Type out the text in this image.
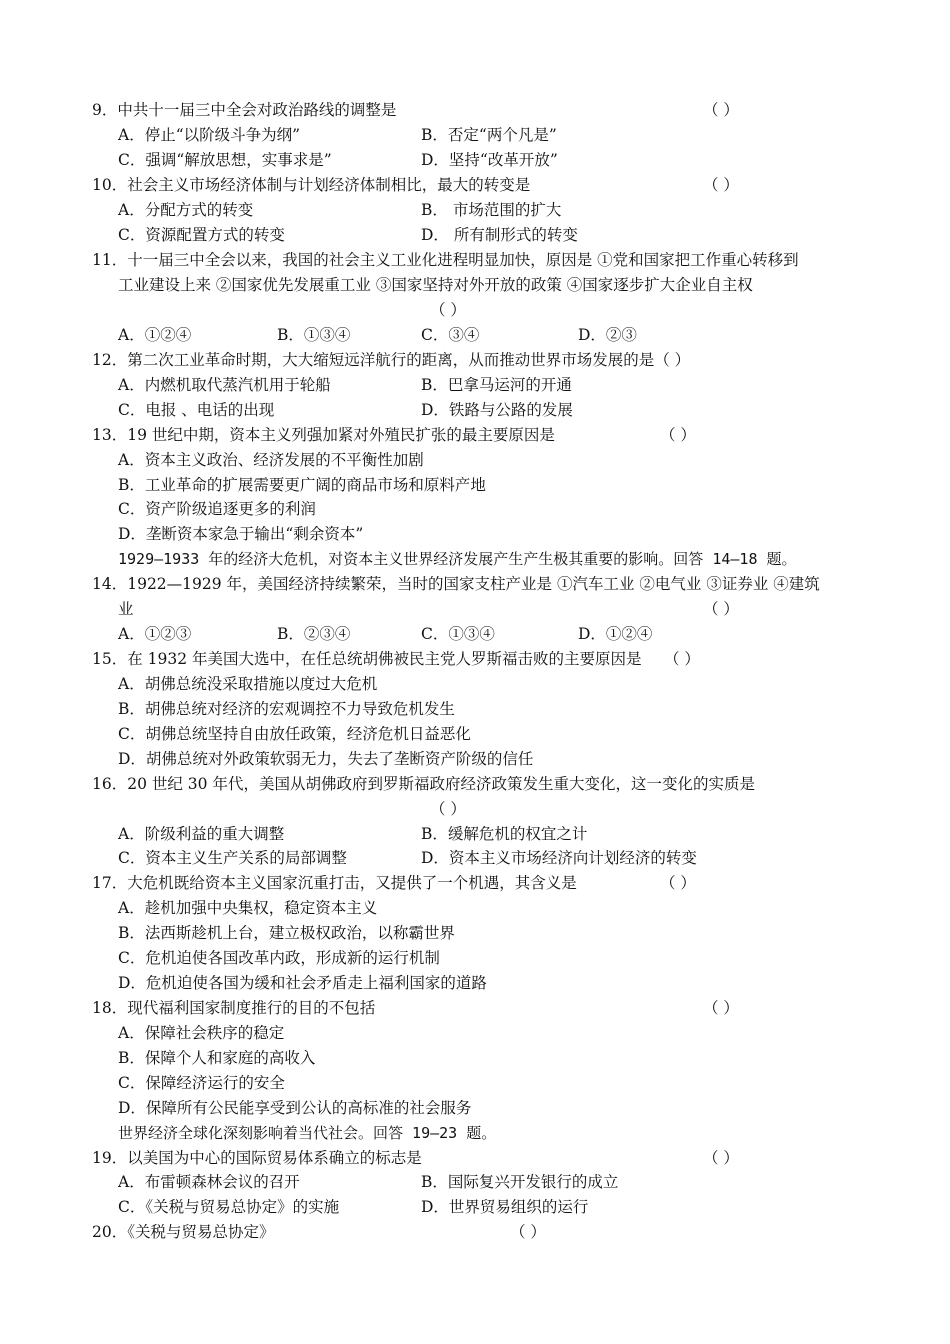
9．中共十一届三中全会对政治路线的调整是	（ ）
A．停止“以阶级斗争为纲”	B．否定“两个凡是”
C．强调“解放思想，实事求是”	D．坚持“改革开放”
10．社会主义市场经济体制与计划经济体制相比，最大的转变是	（ ）
A．分配方式的转变	B． 市场范围的扩大
C．资源配置方式的转变	D． 所有制形式的转变
11．十一届三中全会以来，我国的社会主义工业化进程明显加快，原因是 ①党和国家把工作重心转移到
工业建设上来 ②国家优先发展重工业 ③国家坚持对外开放的政策 ④国家逐步扩大企业自主权
（ ）
A．①②④	B．①③④	C．③④	D．②③
12．第二次工业革命时期，大大缩短远洋航行的距离，从而推动世界市场发展的是（ ）
A．内燃机取代蒸汽机用于轮船	B．巴拿马运河的开通
C．电报 、电话的出现	D．铁路与公路的发展
13．19 世纪中期，资本主义列强加紧对外殖民扩张的最主要原因是	（ ）
A．资本主义政治、经济发展的不平衡性加剧
B．工业革命的扩展需要更广阔的商品市场和原料产地
C．资产阶级追逐更多的利润
D．垄断资本家急于输出“剩余资本”
1929—1933 年的经济大危机，对资本主义世界经济发展产生产生极其重要的影响。回答 14—18 题。
14．1922—1929 年，美国经济持续繁荣，当时的国家支柱产业是 ①汽车工业 ②电气业 ③证券业 ④建筑
业	（ ）
A．①②③	B．②③④	C．①③④	D．①②④
15．在 1932 年美国大选中，在任总统胡佛被民主党人罗斯福击败的主要原因是 （ ）
A．胡佛总统没采取措施以度过大危机
B．胡佛总统对经济的宏观调控不力导致危机发生
C．胡佛总统坚持自由放任政策，经济危机日益恶化
D．胡佛总统对外政策软弱无力，失去了垄断资产阶级的信任
16．20 世纪 30 年代，美国从胡佛政府到罗斯福政府经济政策发生重大变化，这一变化的实质是
（ ）
A．阶级利益的重大调整	B．缓解危机的权宜之计
C．资本主义生产关系的局部调整	D．资本主义市场经济向计划经济的转变
17．大危机既给资本主义国家沉重打击，又提供了一个机遇，其含义是	（ ）
A．趁机加强中央集权，稳定资本主义
B．法西斯趁机上台，建立极权政治，以称霸世界
C．危机迫使各国改革内政，形成新的运行机制
D．危机迫使各国为缓和社会矛盾走上福利国家的道路
18．现代福利国家制度推行的目的不包括	（ ）
A．保障社会秩序的稳定
B．保障个人和家庭的高收入
C．保障经济运行的安全
D．保障所有公民能享受到公认的高标准的社会服务
世界经济全球化深刻影响着当代社会。回答 19—23 题。
19．以美国为中心的国际贸易体系确立的标志是	（ ）
A．布雷顿森林会议的召开	B．国际复兴开发银行的成立
C．《关税与贸易总协定》的实施	D．世界贸易组织的运行
20．《关税与贸易总协定》	（ ）
